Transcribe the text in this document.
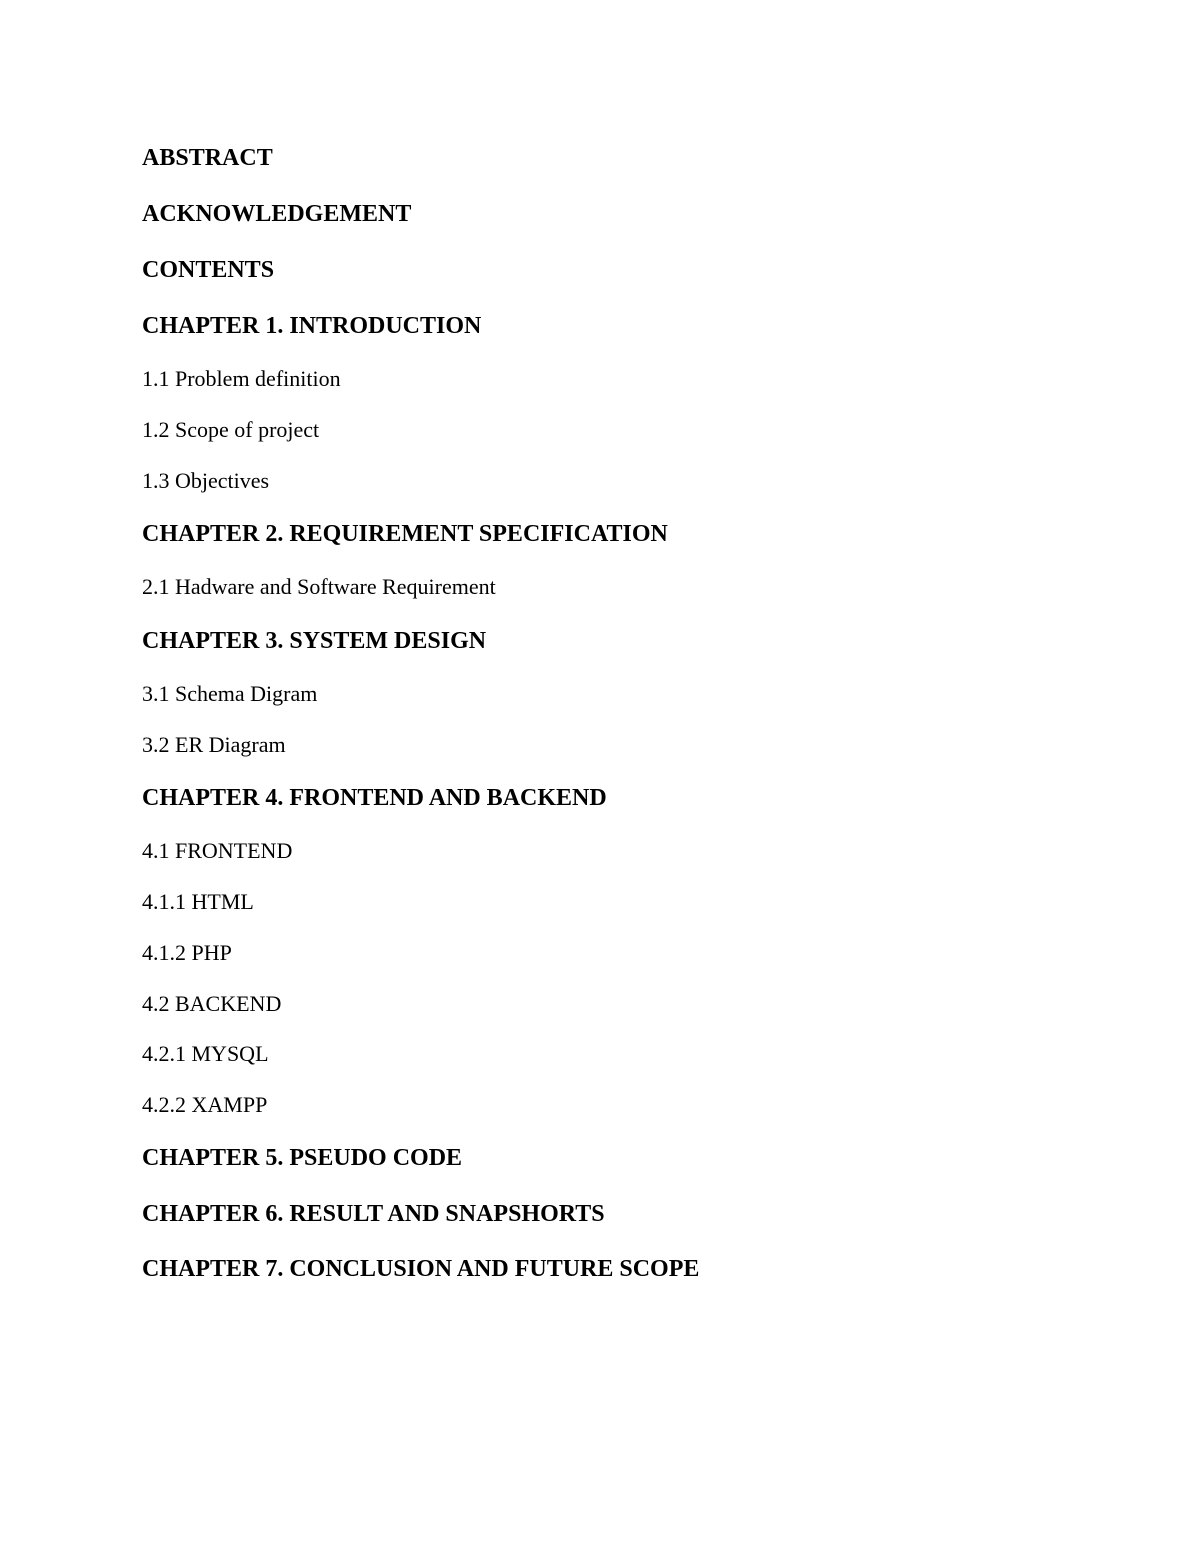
ABSTRACT
ACKNOWLEDGEMENT
CONTENTS
CHAPTER 1. INTRODUCTION
1.1 Problem definition
1.2 Scope of project
1.3 Objectives
CHAPTER 2. REQUIREMENT SPECIFICATION
2.1 Hadware and Software Requirement
CHAPTER 3. SYSTEM DESIGN
3.1 Schema Digram
3.2 ER Diagram
CHAPTER 4. FRONTEND AND BACKEND
4.1 FRONTEND
4.1.1 HTML
4.1.2 PHP
4.2 BACKEND
4.2.1 MYSQL
4.2.2 XAMPP
CHAPTER 5. PSEUDO CODE
CHAPTER 6. RESULT AND SNAPSHORTS
CHAPTER 7. CONCLUSION AND FUTURE SCOPE
